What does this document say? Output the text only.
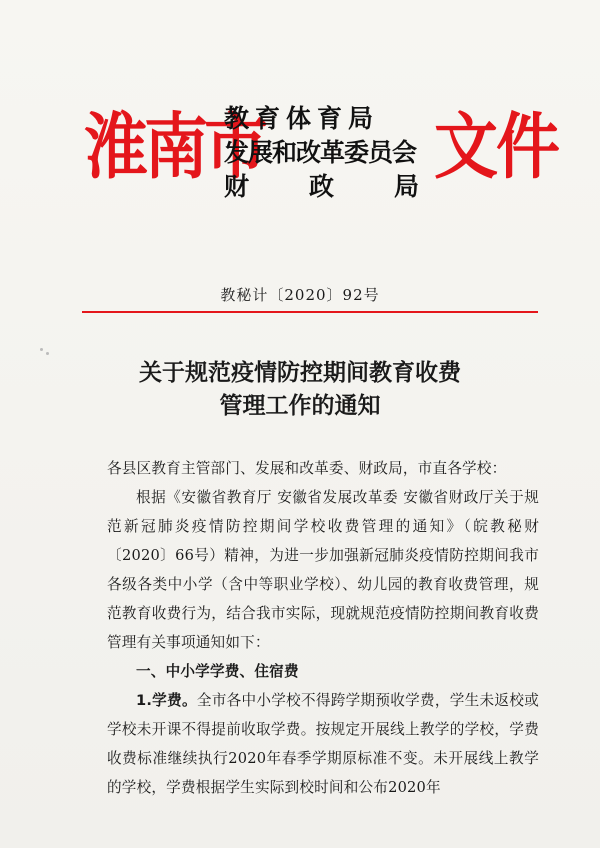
淮南市
教育体育局
发展和改革委员会
财政局
文件
教秘计〔2020〕92号
关于规范疫情防控期间教育收费
管理工作的通知

各县区教育主管部门、发展和改革委、财政局，市直各学校：

根据《安徽省教育厅 安徽省发展改革委 安徽省财政厅关于规范新冠肺炎疫情防控期间学校收费管理的通知》（皖教秘财〔2020〕66号）精神，为进一步加强新冠肺炎疫情防控期间我市各级各类中小学（含中等职业学校）、幼儿园的教育收费管理，规范教育收费行为，结合我市实际，现就规范疫情防控期间教育收费管理有关事项通知如下：

一、中小学学费、住宿费

1.学费。全市各中小学校不得跨学期预收学费，学生未返校或学校未开课不得提前收取学费。按规定开展线上教学的学校，学费收费标准继续执行2020年春季学期原标准不变。未开展线上教学的学校，学费根据学生实际到校时间和公布2020年
